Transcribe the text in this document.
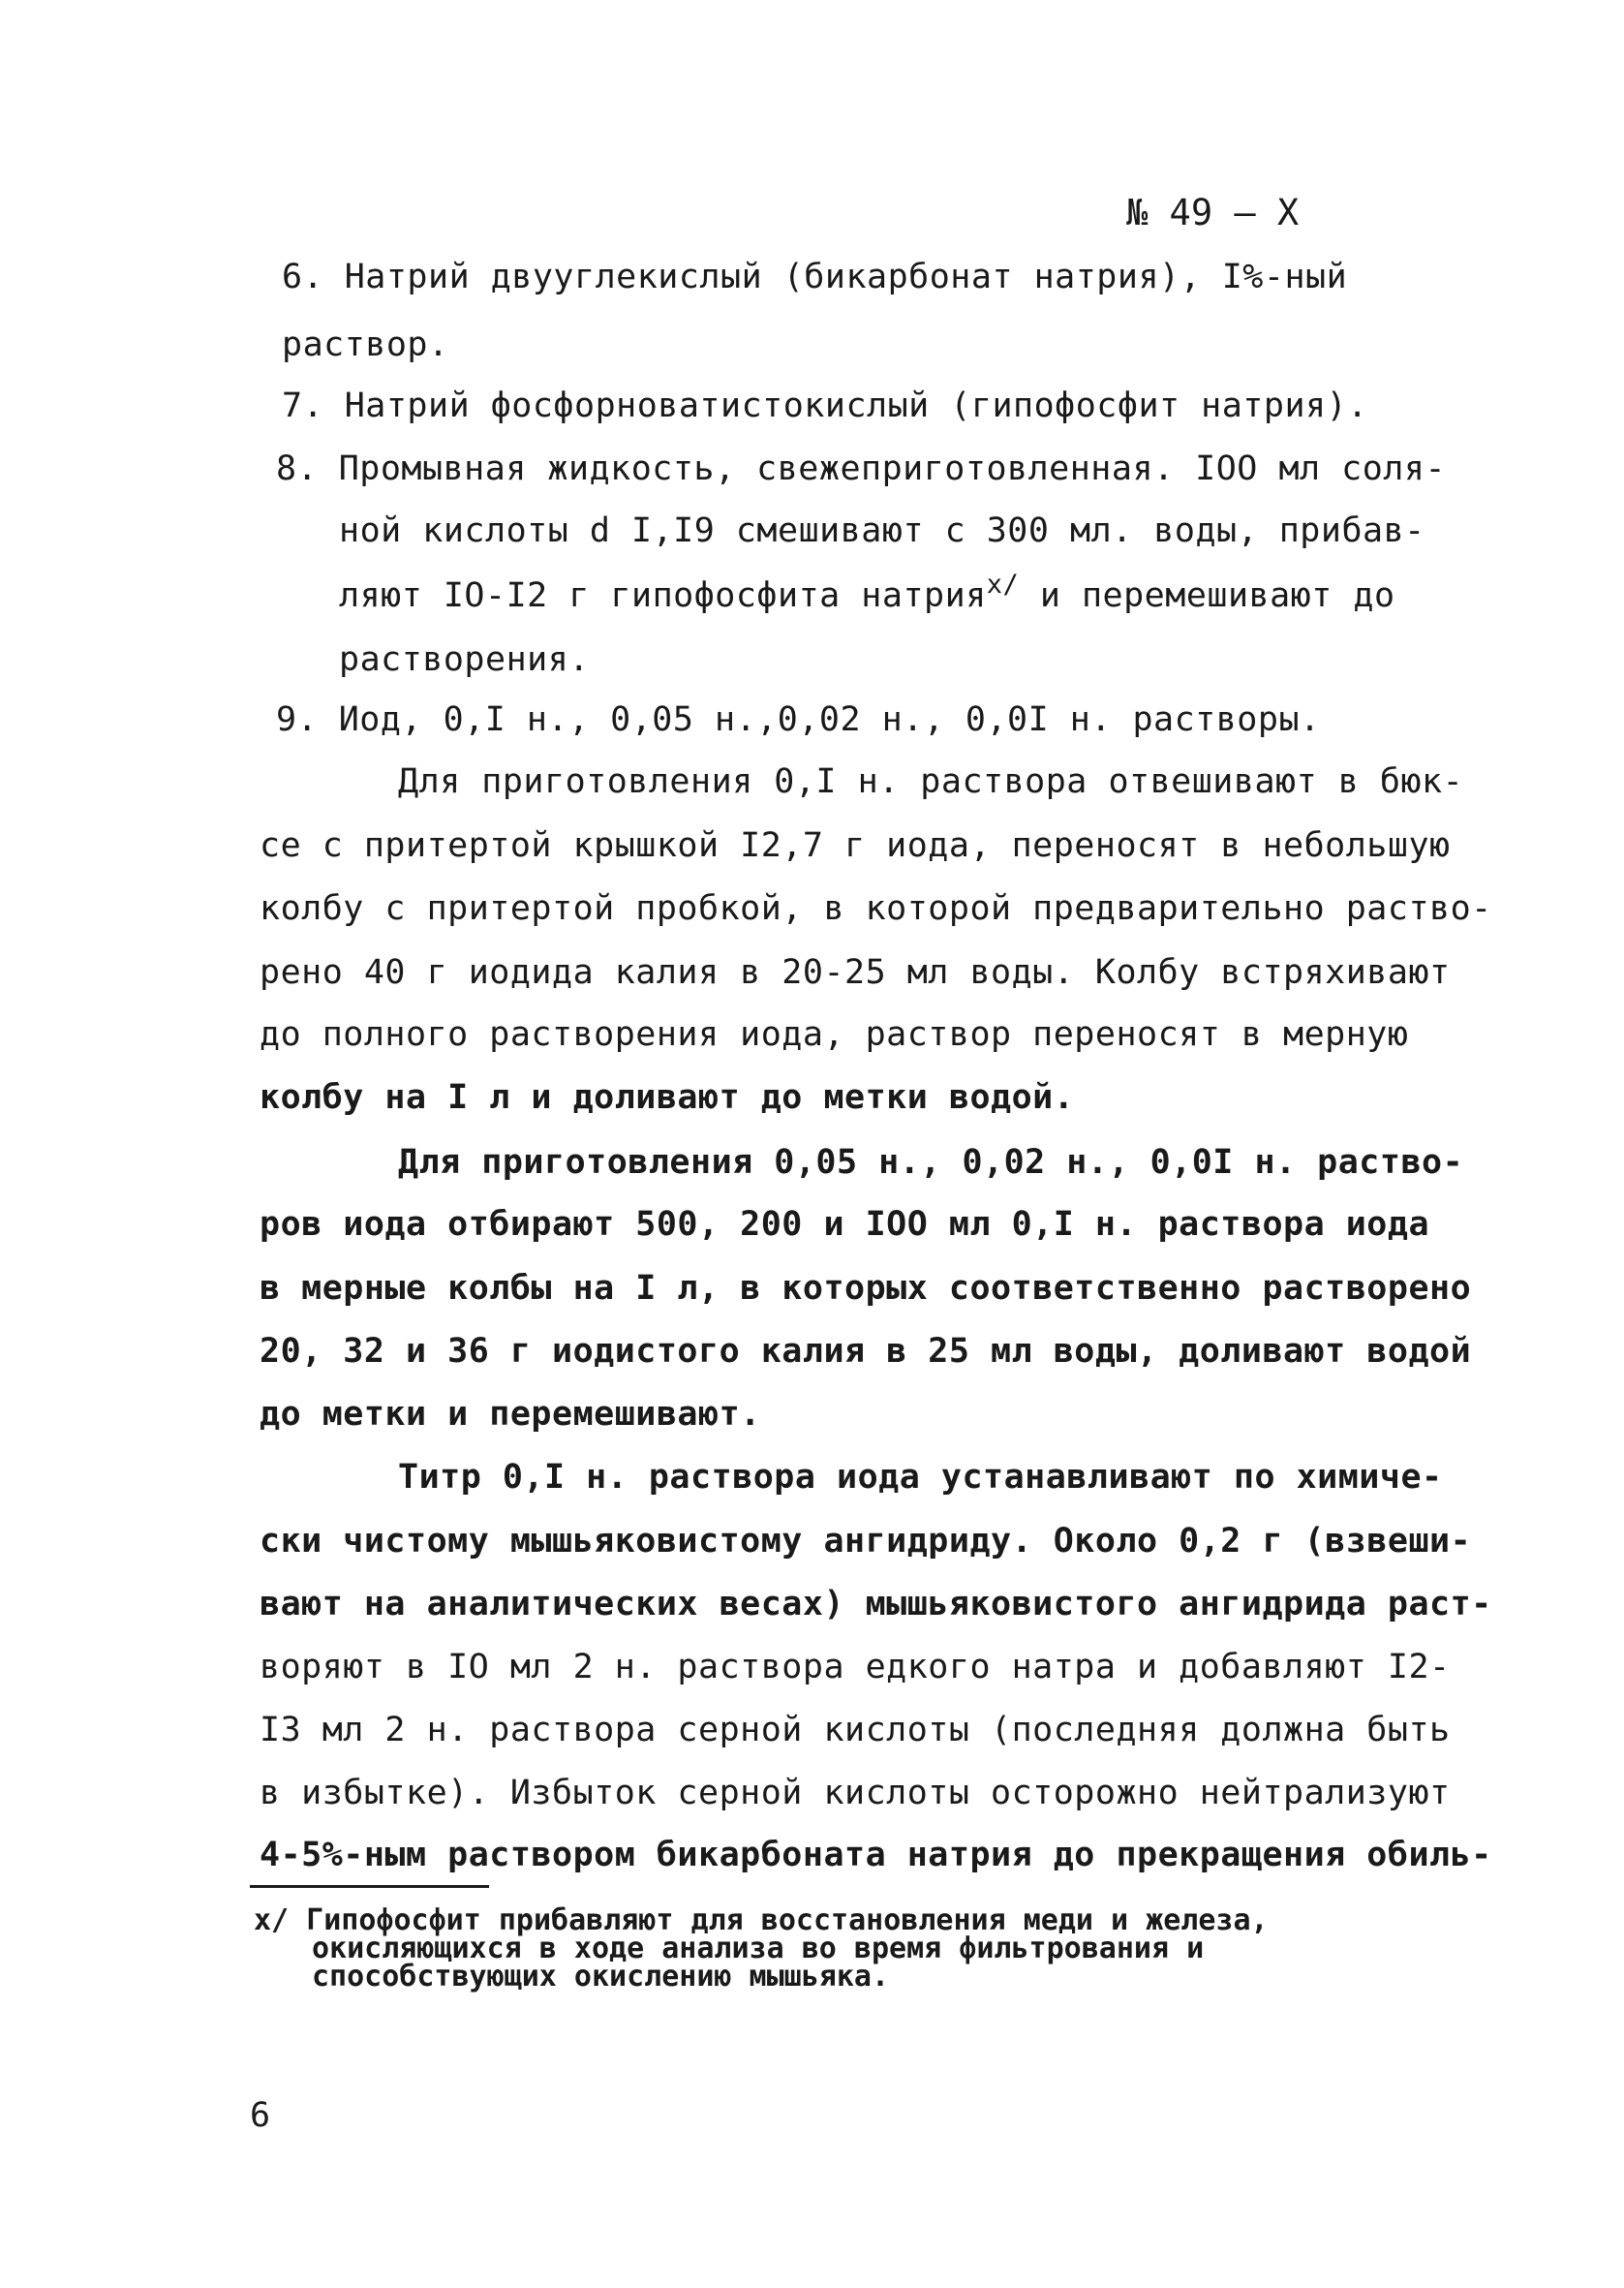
№ 49 – Х
6. Натрий двууглекислый (бикарбонат натрия), I%-ный
раствор.
7. Натрий фосфорноватистокислый (гипофосфит натрия).
8. Промывная жидкость, свежеприготовленная. IOO мл соля-
ной кислоты d I,I9 смешивают с 300 мл. воды, прибав-
ляют IO-I2 г гипофосфита натрия$^{х/}$ и перемешивают до
растворения.
9. Иод, 0,I н., 0,05 н.,0,02 н., 0,0I н. растворы.
Для приготовления 0,I н. раствора отвешивают в бюк-
се с притертой крышкой I2,7 г иода, переносят в небольшую
колбу с притертой пробкой, в которой предварительно раство-
рено 40 г иодида калия в 20-25 мл воды. Колбу встряхивают
до полного растворения иода, раствор переносят в мерную
колбу на I л и доливают до метки водой.
Для приготовления 0,05 н., 0,02 н., 0,0I н. раство-
ров иода отбирают 500, 200 и IOO мл 0,I н. раствора иода
в мерные колбы на I л, в которых соответственно растворено
20, 32 и 36 г иодистого калия в 25 мл воды, доливают водой
до метки и перемешивают.
Титр 0,I н. раствора иода устанавливают по химиче-
ски чистому мышьяковистому ангидриду. Около 0,2 г (взвеши-
вают на аналитических весах) мышьяковистого ангидрида раст-
воряют в IO мл 2 н. раствора едкого натра и добавляют I2-
I3 мл 2 н. раствора серной кислоты (последняя должна быть
в избытке). Избыток серной кислоты осторожно нейтрализуют
4-5%-ным раствором бикарбоната натрия до прекращения обиль-
х/ Гипофосфит прибавляют для восстановления меди и железа,
окисляющихся в ходе анализа во время фильтрования и
способствующих окислению мышьяка.
6
